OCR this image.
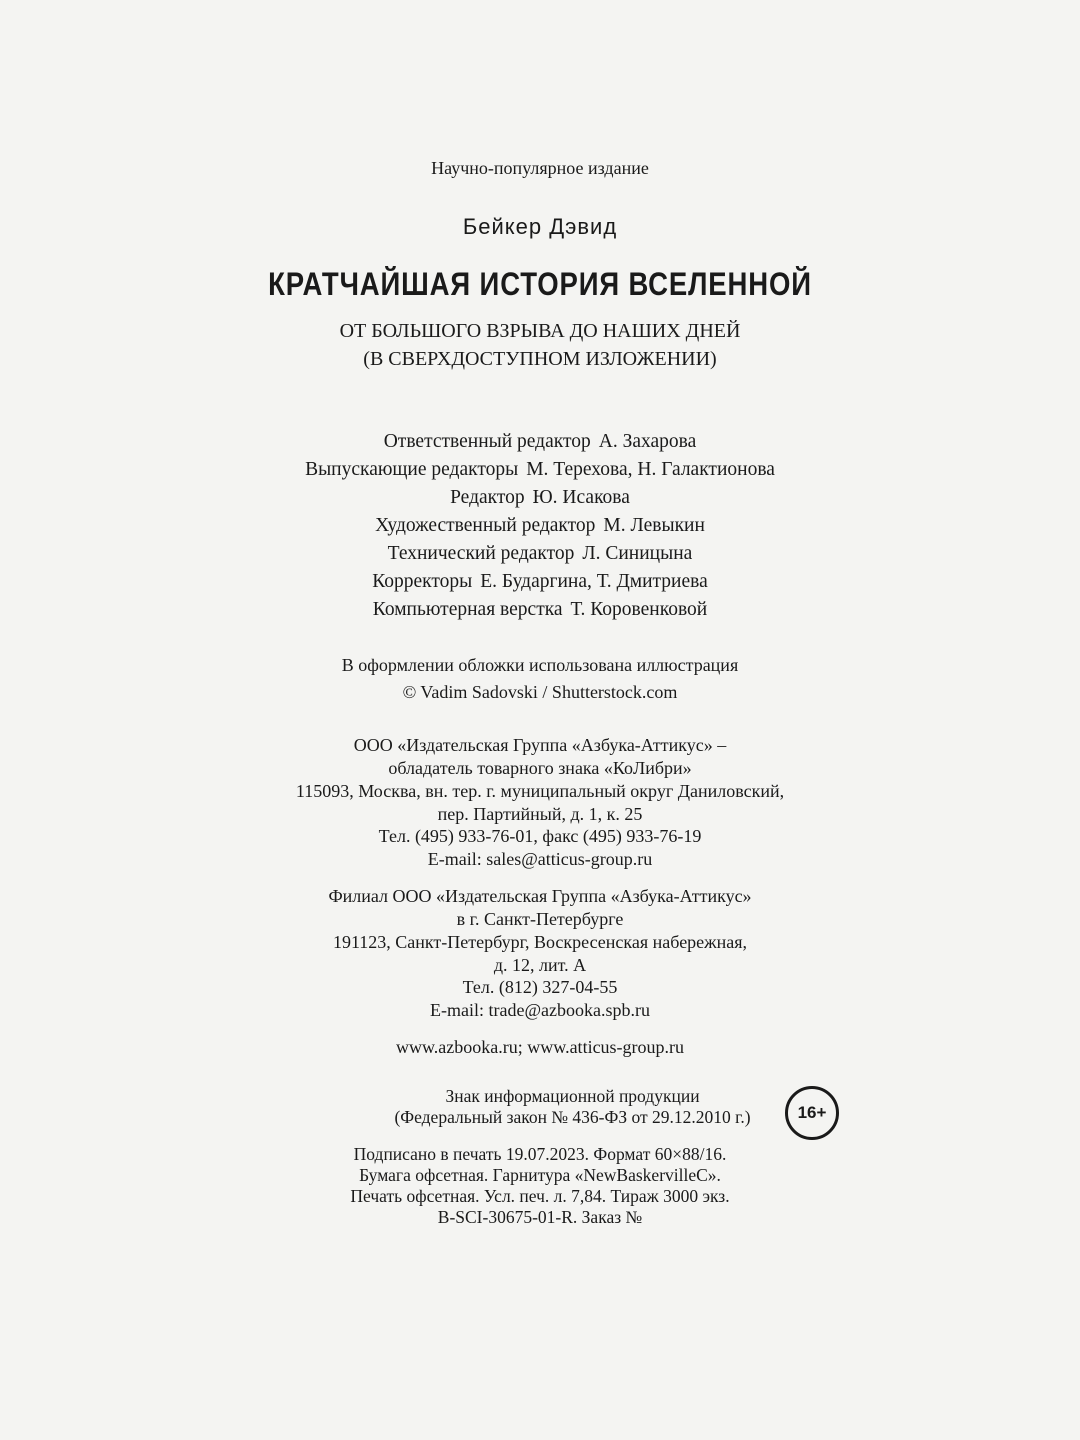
Научно-популярное издание
Бейкер Дэвид
КРАТЧАЙШАЯ ИСТОРИЯ ВСЕЛЕННОЙ
ОТ БОЛЬШОГО ВЗРЫВА ДО НАШИХ ДНЕЙ
(В СВЕРХДОСТУПНОМ ИЗЛОЖЕНИИ)
Ответственный редактор А. Захарова
Выпускающие редакторы М. Терехова, Н. Галактионова
Редактор Ю. Исакова
Художественный редактор М. Левыкин
Технический редактор Л. Синицына
Корректоры Е. Бударгина, Т. Дмитриева
Компьютерная верстка Т. Коровенковой
В оформлении обложки использована иллюстрация
© Vadim Sadovski / Shutterstock.com
ООО «Издательская Группа «Азбука-Аттикус» –
обладатель товарного знака «КоЛибри»
115093, Москва, вн. тер. г. муниципальный округ Даниловский,
пер. Партийный, д. 1, к. 25
Тел. (495) 933-76-01, факс (495) 933-76-19
E-mail: sales@atticus-group.ru
Филиал ООО «Издательская Группа «Азбука-Аттикус»
в г. Санкт-Петербурге
191123, Санкт-Петербург, Воскресенская набережная,
д. 12, лит. А
Тел. (812) 327-04-55
E-mail: trade@azbooka.spb.ru
www.azbooka.ru; www.atticus-group.ru
Знак информационной продукции
(Федеральный закон № 436-ФЗ от 29.12.2010 г.)	16+
Подписано в печать 19.07.2023. Формат 60×88/16.
Бумага офсетная. Гарнитура «NewBaskervilleC».
Печать офсетная. Усл. печ. л. 7,84. Тираж 3000 экз.
B-SCI-30675-01-R. Заказ №
